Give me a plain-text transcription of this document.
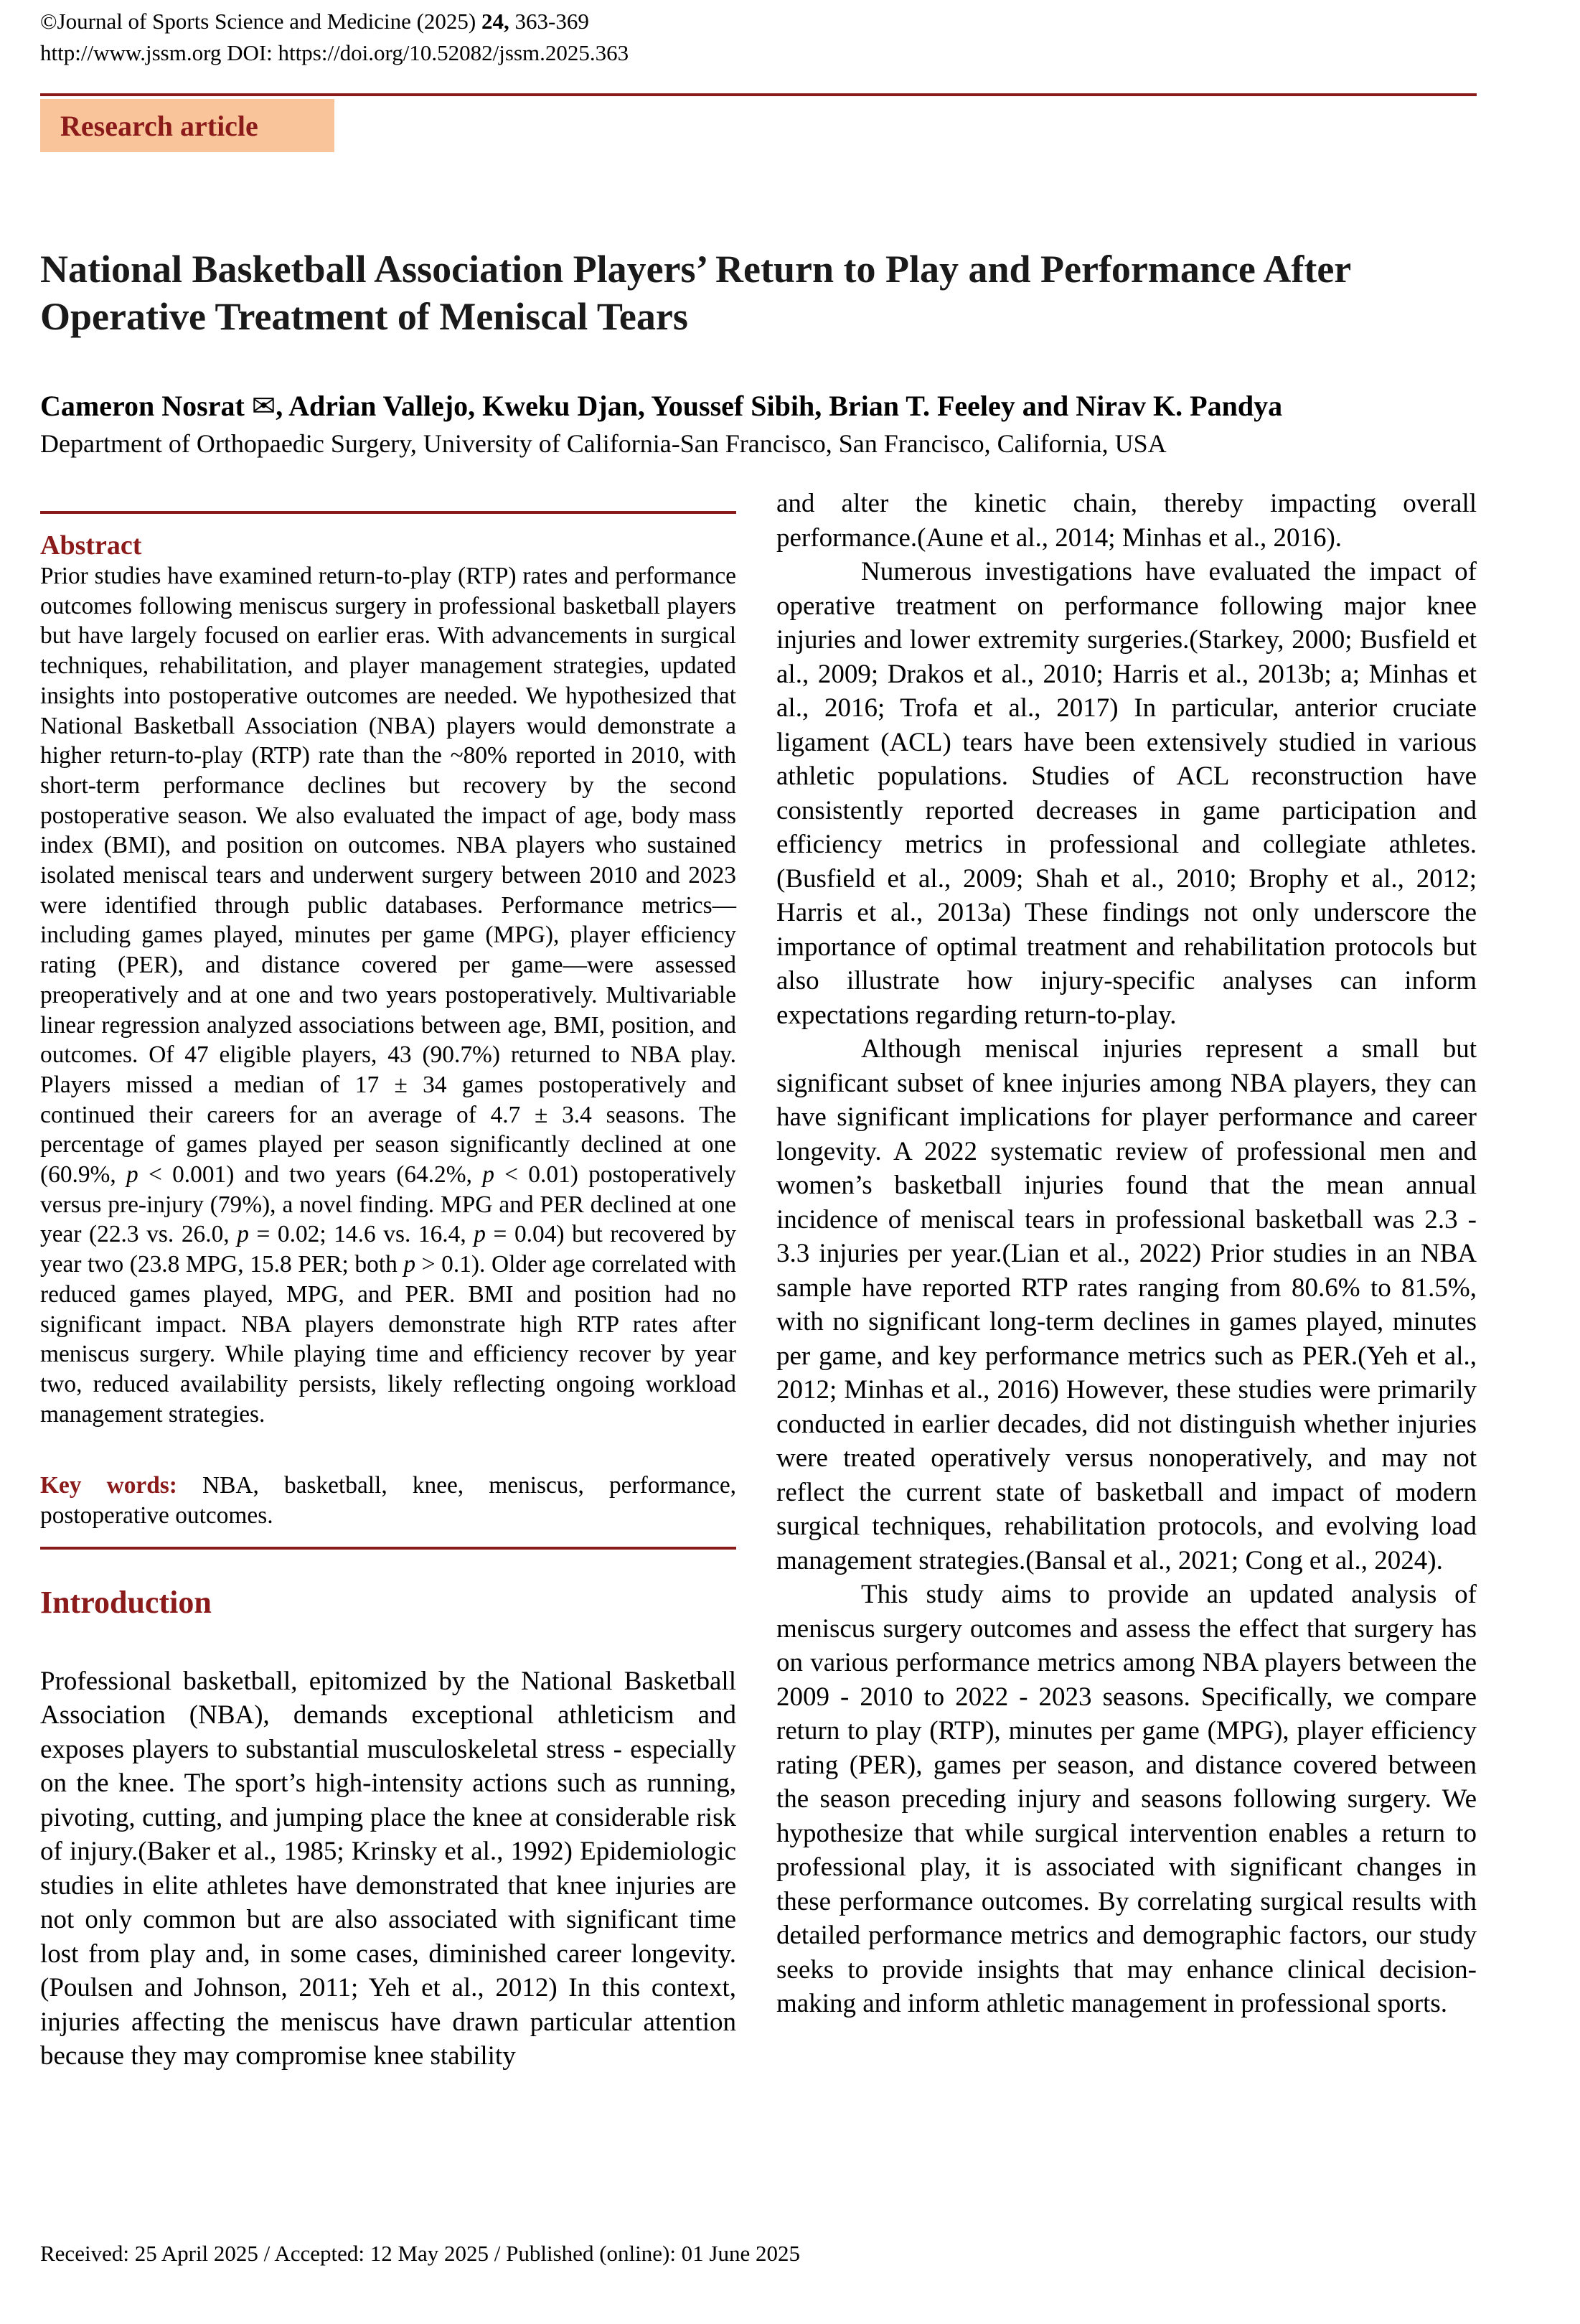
©Journal of Sports Science and Medicine (2025) 24, 363-369
http://www.jssm.org DOI: https://doi.org/10.52082/jssm.2025.363
Research article
National Basketball Association Players’ Return to Play and Performance After Operative Treatment of Meniscal Tears
Cameron Nosrat ✉, Adrian Vallejo, Kweku Djan, Youssef Sibih, Brian T. Feeley and Nirav K. Pandya
Department of Orthopaedic Surgery, University of California-San Francisco, San Francisco, California, USA
Abstract

Prior studies have examined return-to-play (RTP) rates and performance outcomes following meniscus surgery in professional basketball players but have largely focused on earlier eras. With advancements in surgical techniques, rehabilitation, and player management strategies, updated insights into postoperative outcomes are needed. We hypothesized that National Basketball Association (NBA) players would demonstrate a higher return-to-play (RTP) rate than the ~80% reported in 2010, with short-term performance declines but recovery by the second postoperative season. We also evaluated the impact of age, body mass index (BMI), and position on outcomes. NBA players who sustained isolated meniscal tears and underwent surgery between 2010 and 2023 were identified through public databases. Performance metrics—including games played, minutes per game (MPG), player efficiency rating (PER), and distance covered per game—were assessed preoperatively and at one and two years postoperatively. Multivariable linear regression analyzed associations between age, BMI, position, and outcomes. Of 47 eligible players, 43 (90.7%) returned to NBA play. Players missed a median of 17 ± 34 games postoperatively and continued their careers for an average of 4.7 ± 3.4 seasons. The percentage of games played per season significantly declined at one (60.9%, p < 0.001) and two years (64.2%, p < 0.01) postoperatively versus pre-injury (79%), a novel finding. MPG and PER declined at one year (22.3 vs. 26.0, p = 0.02; 14.6 vs. 16.4, p = 0.04) but recovered by year two (23.8 MPG, 15.8 PER; both p > 0.1). Older age correlated with reduced games played, MPG, and PER. BMI and position had no significant impact. NBA players demonstrate high RTP rates after meniscus surgery. While playing time and efficiency recover by year two, reduced availability persists, likely reflecting ongoing workload management strategies.

Key words: NBA, basketball, knee, meniscus, performance, postoperative outcomes.

Introduction

Professional basketball, epitomized by the National Basketball Association (NBA), demands exceptional athleticism and exposes players to substantial musculoskeletal stress - especially on the knee. The sport’s high-intensity actions such as running, pivoting, cutting, and jumping place the knee at considerable risk of injury.(Baker et al., 1985; Krinsky et al., 1992) Epidemiologic studies in elite athletes have demonstrated that knee injuries are not only common but are also associated with significant time lost from play and, in some cases, diminished career longevity.(Poulsen and Johnson, 2011; Yeh et al., 2012) In this context, injuries affecting the meniscus have drawn particular attention because they may compromise knee stability

and alter the kinetic chain, thereby impacting overall performance.(Aune et al., 2014; Minhas et al., 2016).

Numerous investigations have evaluated the impact of operative treatment on performance following major knee injuries and lower extremity surgeries.(Starkey, 2000; Busfield et al., 2009; Drakos et al., 2010; Harris et al., 2013b; a; Minhas et al., 2016; Trofa et al., 2017) In particular, anterior cruciate ligament (ACL) tears have been extensively studied in various athletic populations. Studies of ACL reconstruction have consistently reported decreases in game participation and efficiency metrics in professional and collegiate athletes.(Busfield et al., 2009; Shah et al., 2010; Brophy et al., 2012; Harris et al., 2013a) These findings not only underscore the importance of optimal treatment and rehabilitation protocols but also illustrate how injury-specific analyses can inform expectations regarding return-to-play.

Although meniscal injuries represent a small but significant subset of knee injuries among NBA players, they can have significant implications for player performance and career longevity. A 2022 systematic review of professional men and women’s basketball injuries found that the mean annual incidence of meniscal tears in professional basketball was 2.3 - 3.3 injuries per year.(Lian et al., 2022) Prior studies in an NBA sample have reported RTP rates ranging from 80.6% to 81.5%, with no significant long-term declines in games played, minutes per game, and key performance metrics such as PER.(Yeh et al., 2012; Minhas et al., 2016) However, these studies were primarily conducted in earlier decades, did not distinguish whether injuries were treated operatively versus nonoperatively, and may not reflect the current state of basketball and impact of modern surgical techniques, rehabilitation protocols, and evolving load management strategies.(Bansal et al., 2021; Cong et al., 2024).

This study aims to provide an updated analysis of meniscus surgery outcomes and assess the effect that surgery has on various performance metrics among NBA players between the 2009 - 2010 to 2022 - 2023 seasons. Specifically, we compare return to play (RTP), minutes per game (MPG), player efficiency rating (PER), games per season, and distance covered between the season preceding injury and seasons following surgery. We hypothesize that while surgical intervention enables a return to professional play, it is associated with significant changes in these performance outcomes. By correlating surgical results with detailed performance metrics and demographic factors, our study seeks to provide insights that may enhance clinical decision-making and inform athletic management in professional sports.

Received: 25 April 2025 / Accepted: 12 May 2025 / Published (online): 01 June 2025
